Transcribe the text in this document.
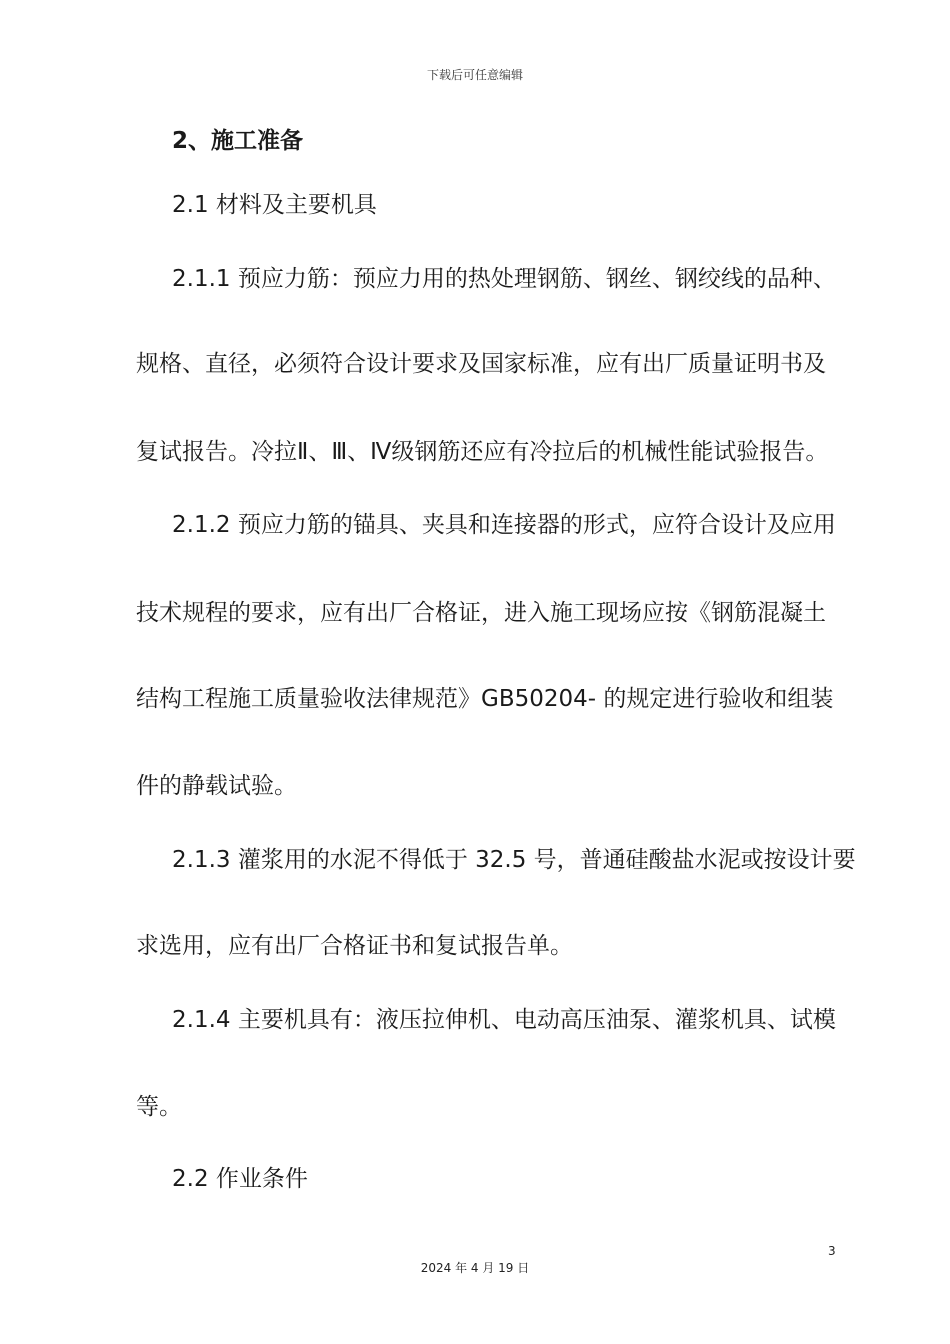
下载后可任意编辑
2、施工准备
2.1 材料及主要机具
2.1.1 预应力筋：预应力用的热处理钢筋、钢丝、钢绞线的品种、
规格、直径，必须符合设计要求及国家标准，应有出厂质量证明书及
复试报告。冷拉Ⅱ、Ⅲ、Ⅳ级钢筋还应有冷拉后的机械性能试验报告。
2.1.2 预应力筋的锚具、夹具和连接器的形式，应符合设计及应用
技术规程的要求，应有出厂合格证，进入施工现场应按《钢筋混凝土
结构工程施工质量验收法律规范》GB50204- 的规定进行验收和组装
件的静载试验。
2.1.3 灌浆用的水泥不得低于 32.5 号，普通硅酸盐水泥或按设计要
求选用，应有出厂合格证书和复试报告单。
2.1.4 主要机具有：液压拉伸机、电动高压油泵、灌浆机具、试模
等。
2.2 作业条件
3
2024 年 4 月 19 日
